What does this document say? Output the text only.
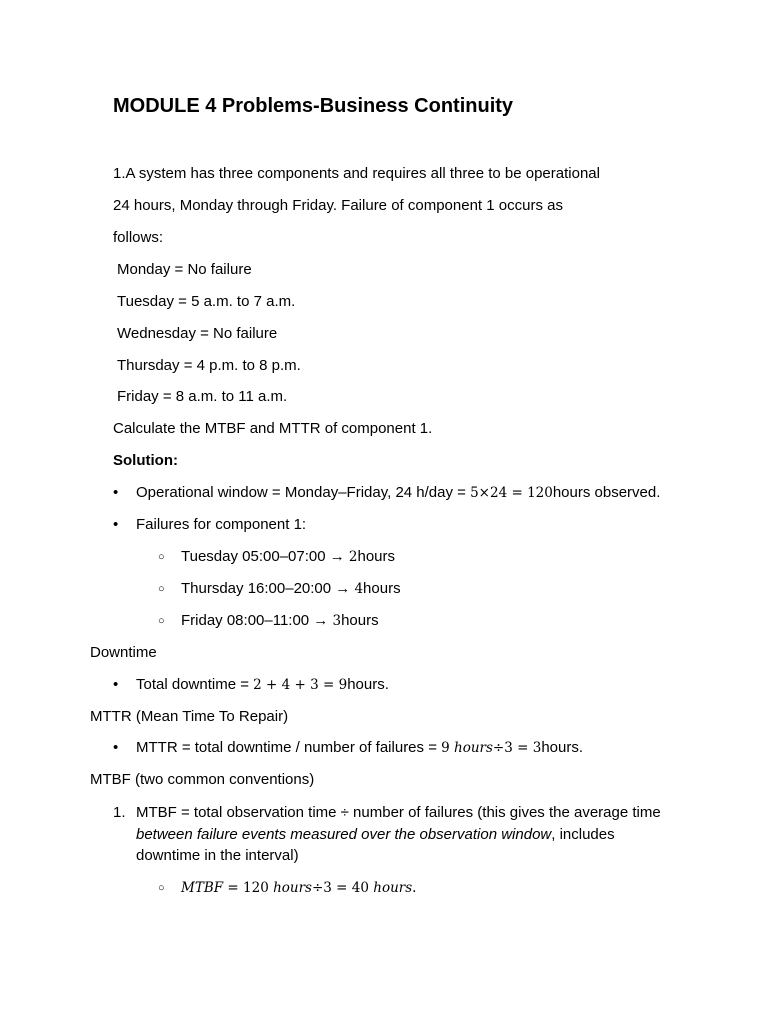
MODULE 4 Problems-Business Continuity
1.A system has three components and requires all three to be operational
24 hours, Monday through Friday. Failure of component 1 occurs as
follows:
Monday = No failure
Tuesday = 5 a.m. to 7 a.m.
Wednesday = No failure
Thursday = 4 p.m. to 8 p.m.
Friday = 8 a.m. to 11 a.m.
Calculate the MTBF and MTTR of component 1.
Solution:
• Operational window = Monday–Friday, 24 h/day = 5×24 = 120hours observed.
• Failures for component 1:
○ Tuesday 05:00–07:00 → 2hours
○ Thursday 16:00–20:00 → 4hours
○ Friday 08:00–11:00 → 3hours
Downtime
• Total downtime = 2 + 4 + 3 = 9hours.
MTTR (Mean Time To Repair)
• MTTR = total downtime / number of failures = 9 hours÷3 = 3hours.
MTBF (two common conventions)
1. MTBF = total observation time ÷ number of failures (this gives the average time
between failure events measured over the observation window, includes
downtime in the interval)
○ MTBF = 120 hours÷3 = 40 hours.
